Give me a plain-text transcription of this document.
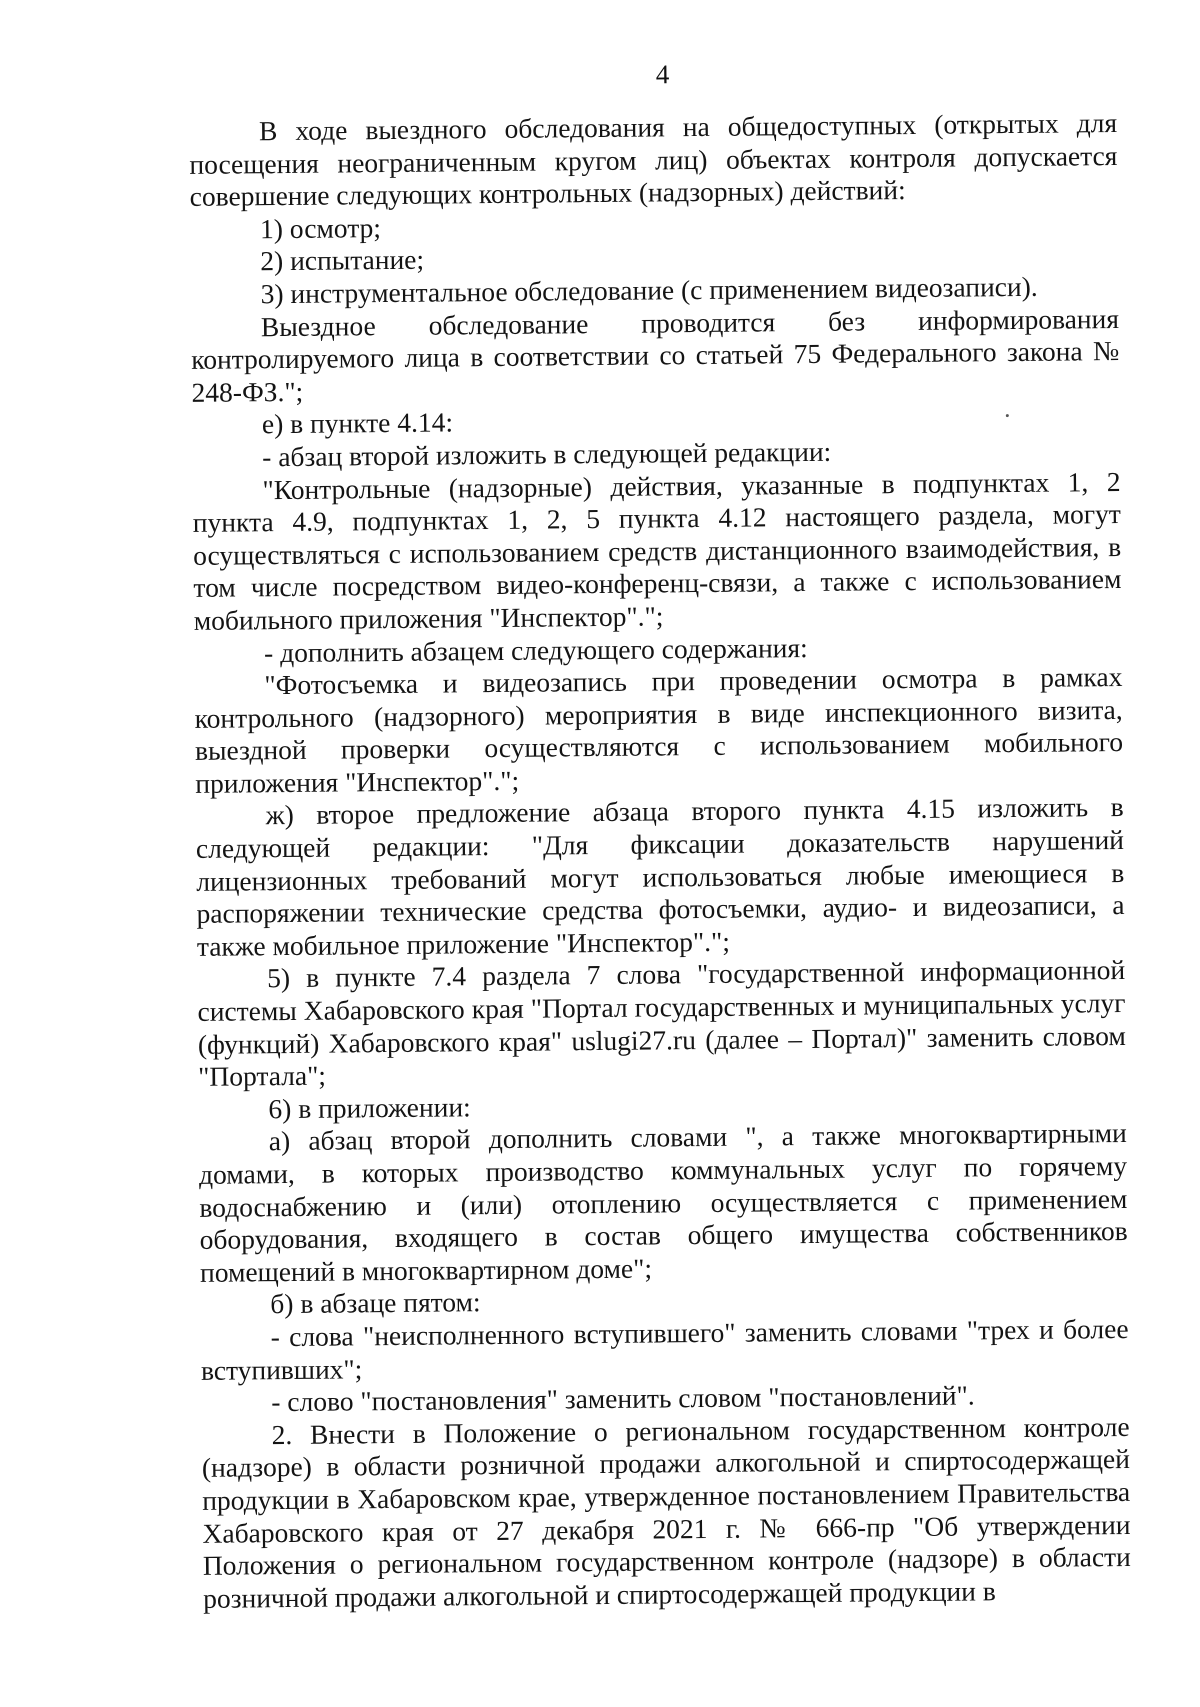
4

В ходе выездного обследования на общедоступных (открытых для посещения неограниченным кругом лиц) объектах контроля допускается совершение следующих контрольных (надзорных) действий:

1) осмотр;

2) испытание;

3) инструментальное обследование (с применением видеозаписи).

Выездное обследование проводится без информирования контролируемого лица в соответствии со статьей 75 Федерального закона № 248-ФЗ.";

е) в пункте 4.14:

- абзац второй изложить в следующей редакции:

"Контрольные (надзорные) действия, указанные в подпунктах 1, 2 пункта 4.9, подпунктах 1, 2, 5 пункта 4.12 настоящего раздела, могут осуществляться с использованием средств дистанционного взаимодействия, в том числе посредством видео-конференц-связи, а также с использованием мобильного приложения "Инспектор".";

- дополнить абзацем следующего содержания:

"Фотосъемка и видеозапись при проведении осмотра в рамках контрольного (надзорного) мероприятия в виде инспекционного визита, выездной проверки осуществляются с использованием мобильного приложения "Инспектор".";

ж) второе предложение абзаца второго пункта 4.15 изложить в следующей редакции: "Для фиксации доказательств нарушений лицензионных требований могут использоваться любые имеющиеся в распоряжении технические средства фотосъемки, аудио- и видеозаписи, а также мобильное приложение "Инспектор".";

5) в пункте 7.4 раздела 7 слова "государственной информационной системы Хабаровского края "Портал государственных и муниципальных услуг (функций) Хабаровского края" uslugi27.ru (далее – Портал)" заменить словом "Портала";

6) в приложении:

а) абзац второй дополнить словами ", а также многоквартирными домами, в которых производство коммунальных услуг по горячему водоснабжению и (или) отоплению осуществляется с применением оборудования, входящего в состав общего имущества собственников помещений в многоквартирном доме";

б) в абзаце пятом:

- слова "неисполненного вступившего" заменить словами "трех и более вступивших";

- слово "постановления" заменить словом "постановлений".

2. Внести в Положение о региональном государственном контроле (надзоре) в области розничной продажи алкогольной и спиртосодержащей продукции в Хабаровском крае, утвержденное постановлением Правительства Хабаровского края от 27 декабря 2021 г. № 666-пр "Об утверждении Положения о региональном государственном контроле (надзоре) в области розничной продажи алкогольной и спиртосодержащей продукции в
